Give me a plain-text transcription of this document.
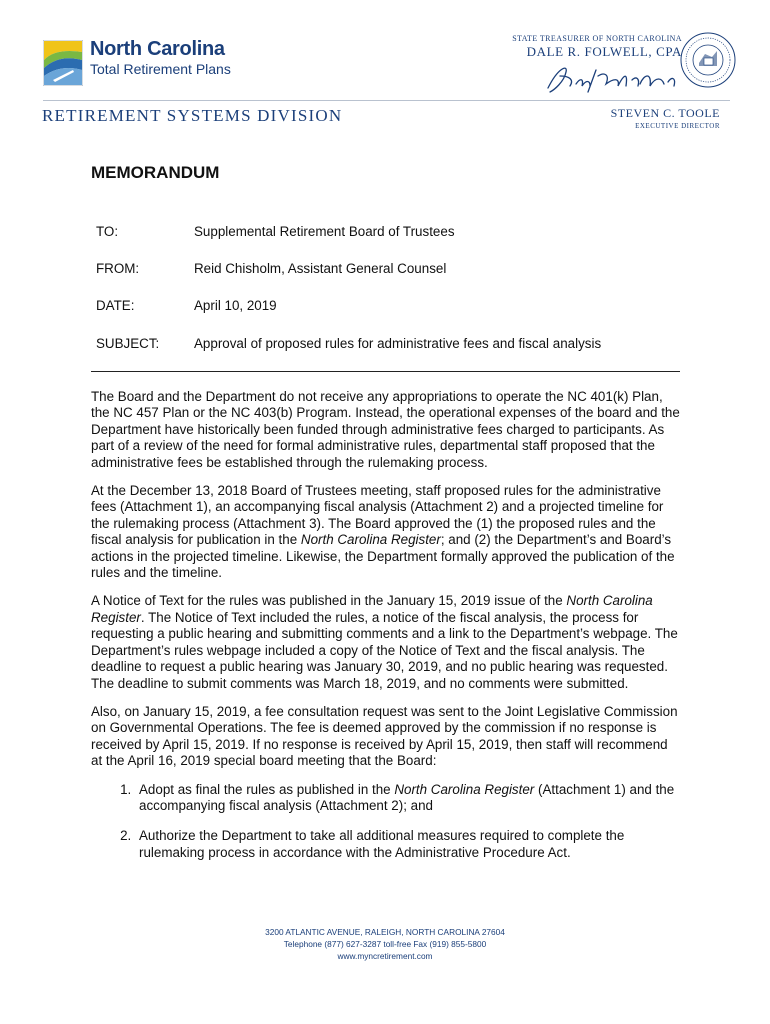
North Carolina
Total Retirement Plans
STATE TREASURER OF NORTH CAROLINA
DALE R. FOLWELL, CPA
RETIREMENT SYSTEMS DIVISION	STEVEN C. TOOLE
EXECUTIVE DIRECTOR
MEMORANDUM
TO:	Supplemental Retirement Board of Trustees
FROM:	Reid Chisholm, Assistant General Counsel
DATE:	April 10, 2019
SUBJECT:	Approval of proposed rules for administrative fees and fiscal analysis

The Board and the Department do not receive any appropriations to operate the NC 401(k) Plan, the NC 457 Plan or the NC 403(b) Program. Instead, the operational expenses of the board and the Department have historically been funded through administrative fees charged to participants. As part of a review of the need for formal administrative rules, departmental staff proposed that the administrative fees be established through the rulemaking process.

At the December 13, 2018 Board of Trustees meeting, staff proposed rules for the administrative fees (Attachment 1), an accompanying fiscal analysis (Attachment 2) and a projected timeline for the rulemaking process (Attachment 3). The Board approved the (1) the proposed rules and the fiscal analysis for publication in the North Carolina Register; and (2) the Department’s and Board’s actions in the projected timeline. Likewise, the Department formally approved the publication of the rules and the timeline.

A Notice of Text for the rules was published in the January 15, 2019 issue of the North Carolina Register. The Notice of Text included the rules, a notice of the fiscal analysis, the process for requesting a public hearing and submitting comments and a link to the Department’s webpage. The Department’s rules webpage included a copy of the Notice of Text and the fiscal analysis. The deadline to request a public hearing was January 30, 2019, and no public hearing was requested. The deadline to submit comments was March 18, 2019, and no comments were submitted.

Also, on January 15, 2019, a fee consultation request was sent to the Joint Legislative Commission on Governmental Operations. The fee is deemed approved by the commission if no response is received by April 15, 2019. If no response is received by April 15, 2019, then staff will recommend at the April 16, 2019 special board meeting that the Board:

1. Adopt as final the rules as published in the North Carolina Register (Attachment 1) and the accompanying fiscal analysis (Attachment 2); and
2. Authorize the Department to take all additional measures required to complete the rulemaking process in accordance with the Administrative Procedure Act.
3200 ATLANTIC AVENUE, RALEIGH, NORTH CAROLINA 27604
Telephone (877) 627-3287 toll-free Fax (919) 855-5800
www.myncretirement.com
